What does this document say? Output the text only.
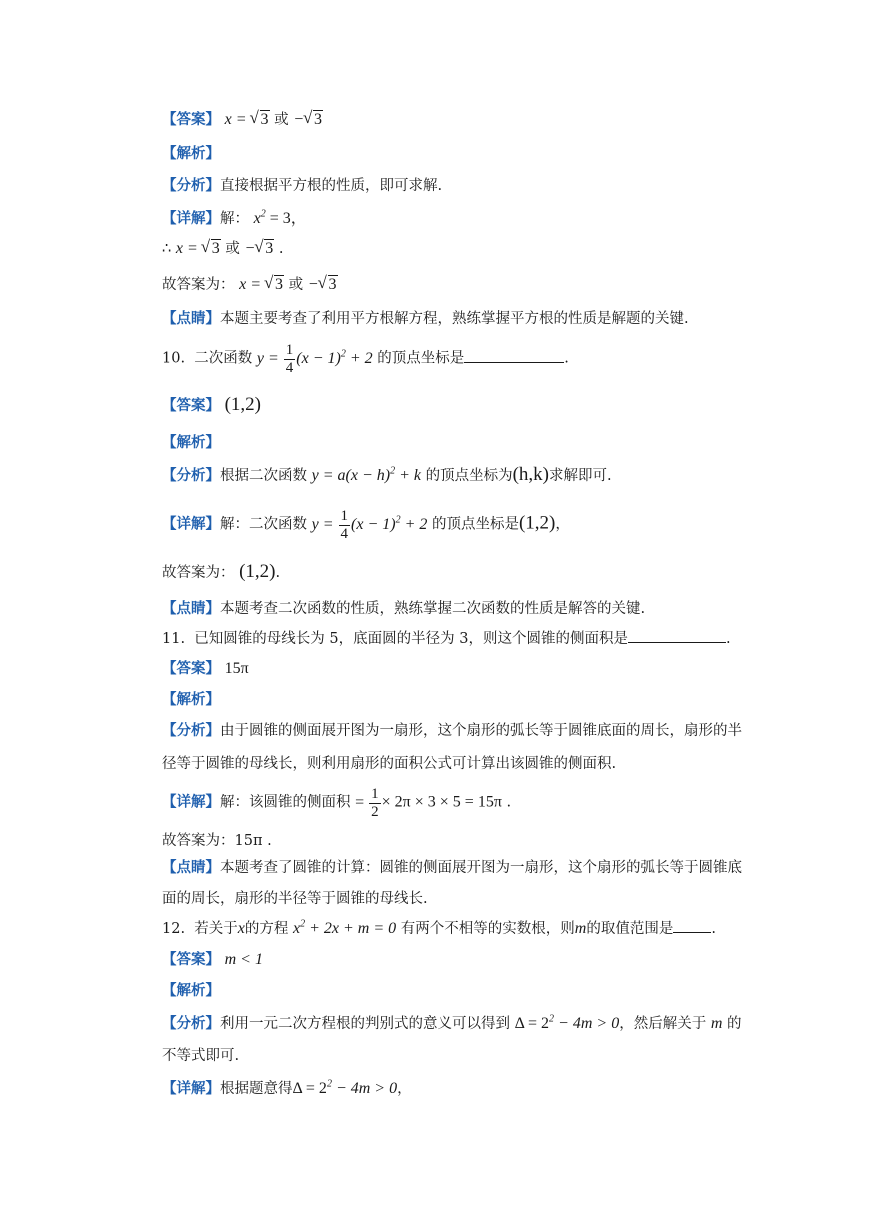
【答案】 x = √ 3 或 − √ 3
【解析】
【分析】直接根据平方根的性质，即可求解.
【详解】解： $x^2 = 3$，
∴ x = √ 3 或 − √ 3 .
故答案为： x = √ 3 或 − √ 3
【点睛】本题主要考查了利用平方根解方程，熟练掌握平方根的性质是解题的关键.
10. 二次函数 $y = \frac{1}{4} (x - 1)^2 + 2$ 的顶点坐标是	.
【答案】 (1,2)
【解析】
【分析】根据二次函数 $y = a(x - h)^2 + k$ 的顶点坐标为(h,k)求解即可.
【详解】解：二次函数 $y = \frac{1}{4} (x - 1)^2 + 2$ 的顶点坐标是(1,2)，
故答案为： (1,2).
【点睛】本题考查二次函数的性质，熟练掌握二次函数的性质是解答的关键.
11. 已知圆锥的母线长为 5，底面圆的半径为 3，则这个圆锥的侧面积是	.
【答案】 15π
【解析】
【分析】由于圆锥的侧面展开图为一扇形，这个扇形的弧长等于圆锥底面的周长，扇形的半
径等于圆锥的母线长，则利用扇形的面积公式可计算出该圆锥的侧面积.
【详解】解：该圆锥的侧面积 = $\frac{1}{2} \times 2\pi \times 3 \times 5 = 15\pi$ .
故答案为：15π .
【点睛】本题考查了圆锥的计算：圆锥的侧面展开图为一扇形，这个扇形的弧长等于圆锥底
面的周长，扇形的半径等于圆锥的母线长.
12. 若关于x的方程 $x^2 + 2x + m = 0$ 有两个不相等的实数根，则m的取值范围是	.
【答案】 m < 1
【解析】
【分析】利用一元二次方程根的判别式的意义可以得到 $\Delta = 2^2 - 4m > 0$，然后解关于 m 的
不等式即可.
【详解】根据题意得$\Delta = 2^2 - 4m > 0$，
